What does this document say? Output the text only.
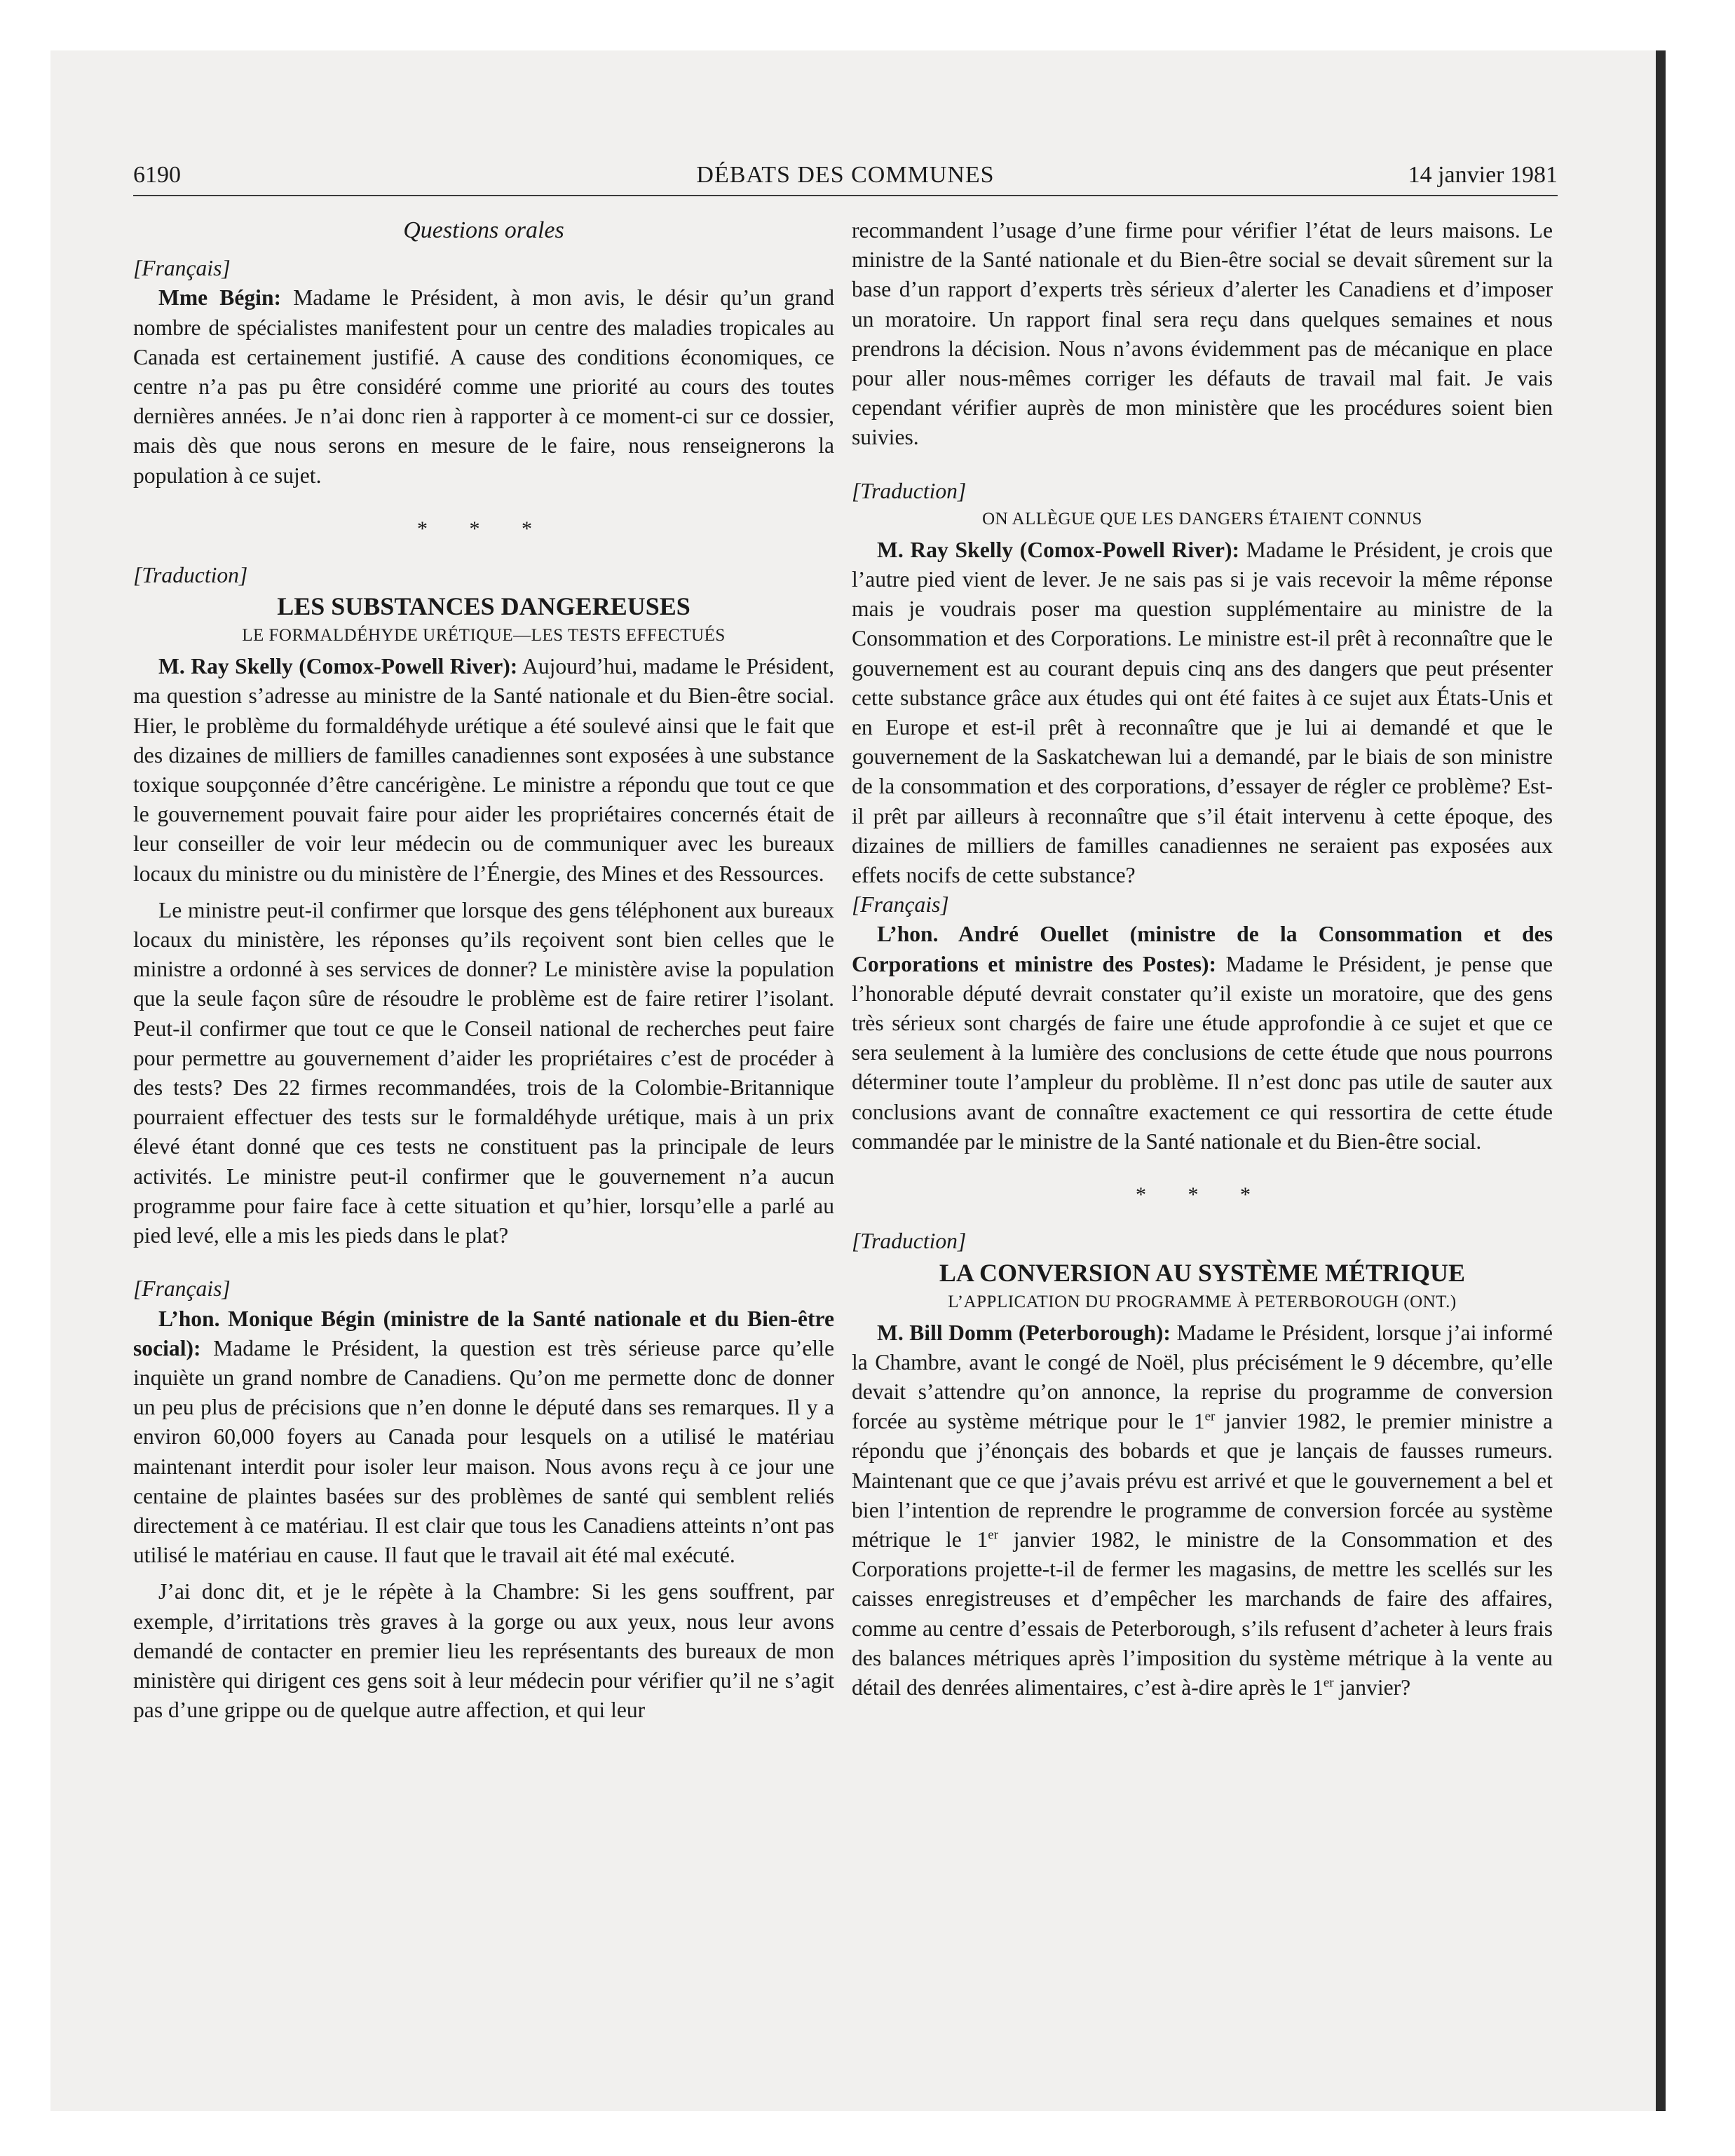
6190	DÉBATS DES COMMUNES	14 janvier 1981
Questions orales
[Français]

Mme Bégin: Madame le Président, à mon avis, le désir qu’un grand nombre de spécialistes manifestent pour un centre des maladies tropicales au Canada est certainement justifié. A cause des conditions économiques, ce centre n’a pas pu être considéré comme une priorité au cours des toutes dernières années. Je n’ai donc rien à rapporter à ce moment-ci sur ce dossier, mais dès que nous serons en mesure de le faire, nous renseignerons la population à ce sujet.

* * *
[Traduction]
LES SUBSTANCES DANGEREUSES
LE FORMALDÉHYDE URÉTIQUE—LES TESTS EFFECTUÉS

M. Ray Skelly (Comox-Powell River): Aujourd’hui, madame le Président, ma question s’adresse au ministre de la Santé nationale et du Bien-être social. Hier, le problème du formaldéhyde urétique a été soulevé ainsi que le fait que des dizaines de milliers de familles canadiennes sont exposées à une substance toxique soupçonnée d’être cancérigène. Le ministre a répondu que tout ce que le gouvernement pouvait faire pour aider les propriétaires concernés était de leur conseiller de voir leur médecin ou de communiquer avec les bureaux locaux du ministre ou du ministère de l’Énergie, des Mines et des Ressources.

Le ministre peut-il confirmer que lorsque des gens téléphonent aux bureaux locaux du ministère, les réponses qu’ils reçoivent sont bien celles que le ministre a ordonné à ses services de donner? Le ministère avise la population que la seule façon sûre de résoudre le problème est de faire retirer l’isolant. Peut-il confirmer que tout ce que le Conseil national de recherches peut faire pour permettre au gouvernement d’aider les propriétaires c’est de procéder à des tests? Des 22 firmes recommandées, trois de la Colombie-Britannique pourraient effectuer des tests sur le formaldéhyde urétique, mais à un prix élevé étant donné que ces tests ne constituent pas la principale de leurs activités. Le ministre peut-il confirmer que le gouvernement n’a aucun programme pour faire face à cette situation et qu’hier, lorsqu’elle a parlé au pied levé, elle a mis les pieds dans le plat?

[Français]

L’hon. Monique Bégin (ministre de la Santé nationale et du Bien-être social): Madame le Président, la question est très sérieuse parce qu’elle inquiète un grand nombre de Canadiens. Qu’on me permette donc de donner un peu plus de précisions que n’en donne le député dans ses remarques. Il y a environ 60,000 foyers au Canada pour lesquels on a utilisé le matériau maintenant interdit pour isoler leur maison. Nous avons reçu à ce jour une centaine de plaintes basées sur des problèmes de santé qui semblent reliés directement à ce matériau. Il est clair que tous les Canadiens atteints n’ont pas utilisé le matériau en cause. Il faut que le travail ait été mal exécuté.

J’ai donc dit, et je le répète à la Chambre: Si les gens souffrent, par exemple, d’irritations très graves à la gorge ou aux yeux, nous leur avons demandé de contacter en premier lieu les représentants des bureaux de mon ministère qui dirigent ces gens soit à leur médecin pour vérifier qu’il ne s’agit pas d’une grippe ou de quelque autre affection, et qui leur

recommandent l’usage d’une firme pour vérifier l’état de leurs maisons. Le ministre de la Santé nationale et du Bien-être social se devait sûrement sur la base d’un rapport d’experts très sérieux d’alerter les Canadiens et d’imposer un moratoire. Un rapport final sera reçu dans quelques semaines et nous prendrons la décision. Nous n’avons évidemment pas de mécanique en place pour aller nous-mêmes corriger les défauts de travail mal fait. Je vais cependant vérifier auprès de mon ministère que les procédures soient bien suivies.

[Traduction]
ON ALLÈGUE QUE LES DANGERS ÉTAIENT CONNUS

M. Ray Skelly (Comox-Powell River): Madame le Président, je crois que l’autre pied vient de lever. Je ne sais pas si je vais recevoir la même réponse mais je voudrais poser ma question supplémentaire au ministre de la Consommation et des Corporations. Le ministre est-il prêt à reconnaître que le gouvernement est au courant depuis cinq ans des dangers que peut présenter cette substance grâce aux études qui ont été faites à ce sujet aux États-Unis et en Europe et est-il prêt à reconnaître que je lui ai demandé et que le gouvernement de la Saskatchewan lui a demandé, par le biais de son ministre de la consommation et des corporations, d’essayer de régler ce problème? Est-il prêt par ailleurs à reconnaître que s’il était intervenu à cette époque, des dizaines de milliers de familles canadiennes ne seraient pas exposées aux effets nocifs de cette substance?

[Français]

L’hon. André Ouellet (ministre de la Consommation et des Corporations et ministre des Postes): Madame le Président, je pense que l’honorable député devrait constater qu’il existe un moratoire, que des gens très sérieux sont chargés de faire une étude approfondie à ce sujet et que ce sera seulement à la lumière des conclusions de cette étude que nous pourrons déterminer toute l’ampleur du problème. Il n’est donc pas utile de sauter aux conclusions avant de connaître exactement ce qui ressortira de cette étude commandée par le ministre de la Santé nationale et du Bien-être social.

* * *
[Traduction]
LA CONVERSION AU SYSTÈME MÉTRIQUE
L’APPLICATION DU PROGRAMME À PETERBOROUGH (ONT.)

M. Bill Domm (Peterborough): Madame le Président, lorsque j’ai informé la Chambre, avant le congé de Noël, plus précisément le 9 décembre, qu’elle devait s’attendre qu’on annonce, la reprise du programme de conversion forcée au système métrique pour le 1er janvier 1982, le premier ministre a répondu que j’énonçais des bobards et que je lançais de fausses rumeurs. Maintenant que ce que j’avais prévu est arrivé et que le gouvernement a bel et bien l’intention de reprendre le programme de conversion forcée au système métrique le 1er janvier 1982, le ministre de la Consommation et des Corporations projette-t-il de fermer les magasins, de mettre les scellés sur les caisses enregistreuses et d’empêcher les marchands de faire des affaires, comme au centre d’essais de Peterborough, s’ils refusent d’acheter à leurs frais des balances métriques après l’imposition du système métrique à la vente au détail des denrées alimentaires, c’est à-dire après le 1er janvier?
